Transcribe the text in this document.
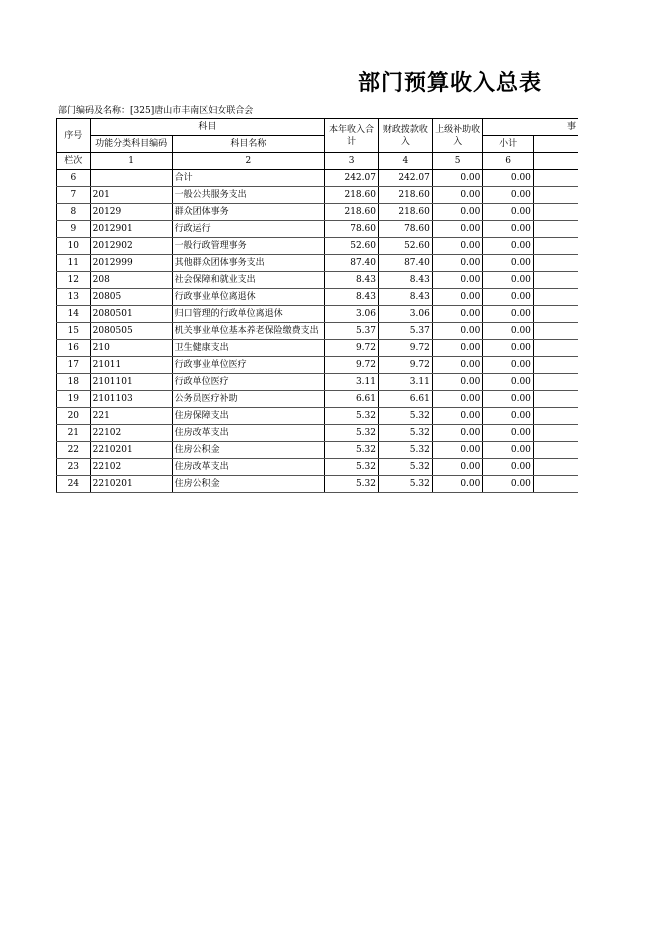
部门预算收入总表
部门编码及名称：[325]唐山市丰南区妇女联合会
序号	科目		本年收入合计	财政拨款收入	上级补助收入	事	
	功能分类科目编码	科目名称				小计	
栏次	1	2	3	4	5	6	
6		合计	242.07	242.07	0.00	0.00	
7	201	一般公共服务支出	218.60	218.60	0.00	0.00	
8	20129	群众团体事务	218.60	218.60	0.00	0.00	
9	2012901	行政运行	78.60	78.60	0.00	0.00	
10	2012902	一般行政管理事务	52.60	52.60	0.00	0.00	
11	2012999	其他群众团体事务支出	87.40	87.40	0.00	0.00	
12	208	社会保障和就业支出	8.43	8.43	0.00	0.00	
13	20805	行政事业单位离退休	8.43	8.43	0.00	0.00	
14	2080501	归口管理的行政单位离退休	3.06	3.06	0.00	0.00	
15	2080505	机关事业单位基本养老保险缴费支出	5.37	5.37	0.00	0.00	
16	210	卫生健康支出	9.72	9.72	0.00	0.00	
17	21011	行政事业单位医疗	9.72	9.72	0.00	0.00	
18	2101101	行政单位医疗	3.11	3.11	0.00	0.00	
19	2101103	公务员医疗补助	6.61	6.61	0.00	0.00	
20	221	住房保障支出	5.32	5.32	0.00	0.00	
21	22102	住房改革支出	5.32	5.32	0.00	0.00	
22	2210201	住房公积金	5.32	5.32	0.00	0.00	
23	22102	住房改革支出	5.32	5.32	0.00	0.00	
24	2210201	住房公积金	5.32	5.32	0.00	0.00	
